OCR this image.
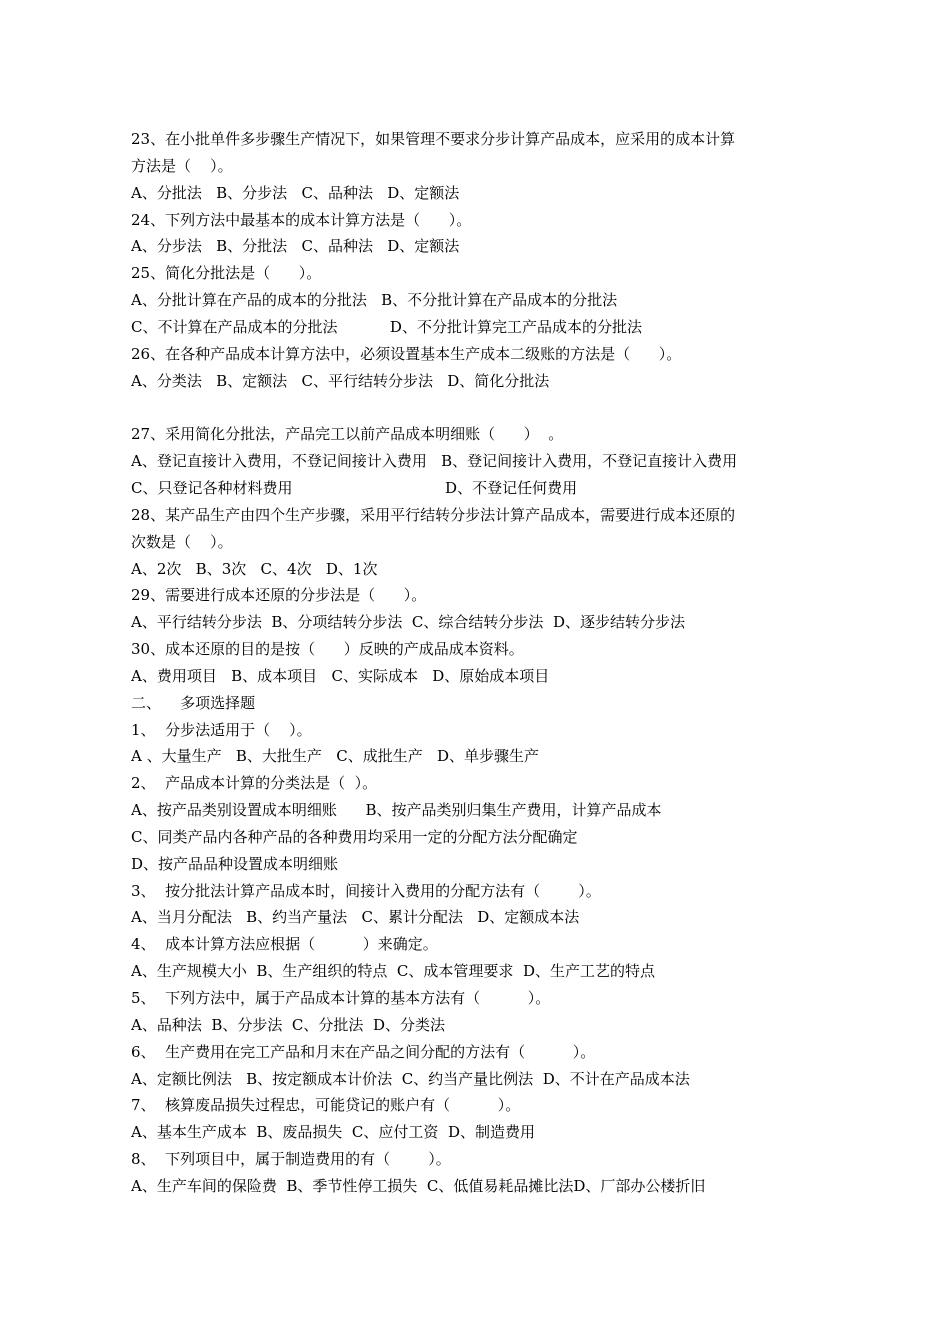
23、在小批单件多步骤生产情况下，如果管理不要求分步计算产品成本，应采用的成本计算
方法是（    ）。
A、分批法   B、分步法   C、品种法   D、定额法
24、下列方法中最基本的成本计算方法是（      ）。
A、分步法   B、分批法   C、品种法   D、定额法
25、简化分批法是（      ）。
A、分批计算在产品的成本的分批法   B、不分批计算在产品成本的分批法
C、不计算在产品成本的分批法           D、不分批计算完工产品成本的分批法
26、在各种产品成本计算方法中，必须设置基本生产成本二级账的方法是（      ）。
A、分类法   B、定额法   C、平行结转分步法   D、简化分批法
27、采用简化分批法，产品完工以前产品成本明细账（      ）  。
A、登记直接计入费用，不登记间接计入费用   B、登记间接计入费用，不登记直接计入费用
C、只登记各种材料费用                                D、不登记任何费用
28、某产品生产由四个生产步骤，采用平行结转分步法计算产品成本，需要进行成本还原的
次数是（    ）。
A、2次   B、3次   C、4次   D、1次
29、需要进行成本还原的分步法是（      ）。
A、平行结转分步法  B、分项结转分步法  C、综合结转分步法  D、逐步结转分步法
30、成本还原的目的是按（      ）反映的产成品成本资料。
A、费用项目   B、成本项目   C、实际成本   D、原始成本项目
二、    多项选择题
1、  分步法适用于（    ）。
A 、大量生产   B、大批生产   C、成批生产   D、单步骤生产
2、  产品成本计算的分类法是（  ）。
A、按产品类别设置成本明细账      B、按产品类别归集生产费用，计算产品成本
C、同类产品内各种产品的各种费用均采用一定的分配方法分配确定
D、按产品品种设置成本明细账
3、  按分批法计算产品成本时，间接计入费用的分配方法有（        ）。
A、当月分配法   B、约当产量法   C、累计分配法   D、定额成本法
4、  成本计算方法应根据（          ）来确定。
A、生产规模大小  B、生产组织的特点  C、成本管理要求  D、生产工艺的特点
5、  下列方法中，属于产品成本计算的基本方法有（          ）。
A、品种法  B、分步法  C、分批法  D、分类法
6、  生产费用在完工产品和月末在产品之间分配的方法有（          ）。
A、定额比例法   B、按定额成本计价法  C、约当产量比例法  D、不计在产品成本法
7、  核算废品损失过程忠，可能贷记的账户有（          ）。
A、基本生产成本  B、废品损失  C、应付工资  D、制造费用
8、  下列项目中，属于制造费用的有（        ）。
A、生产车间的保险费  B、季节性停工损失  C、低值易耗品摊比法D、厂部办公楼折旧
